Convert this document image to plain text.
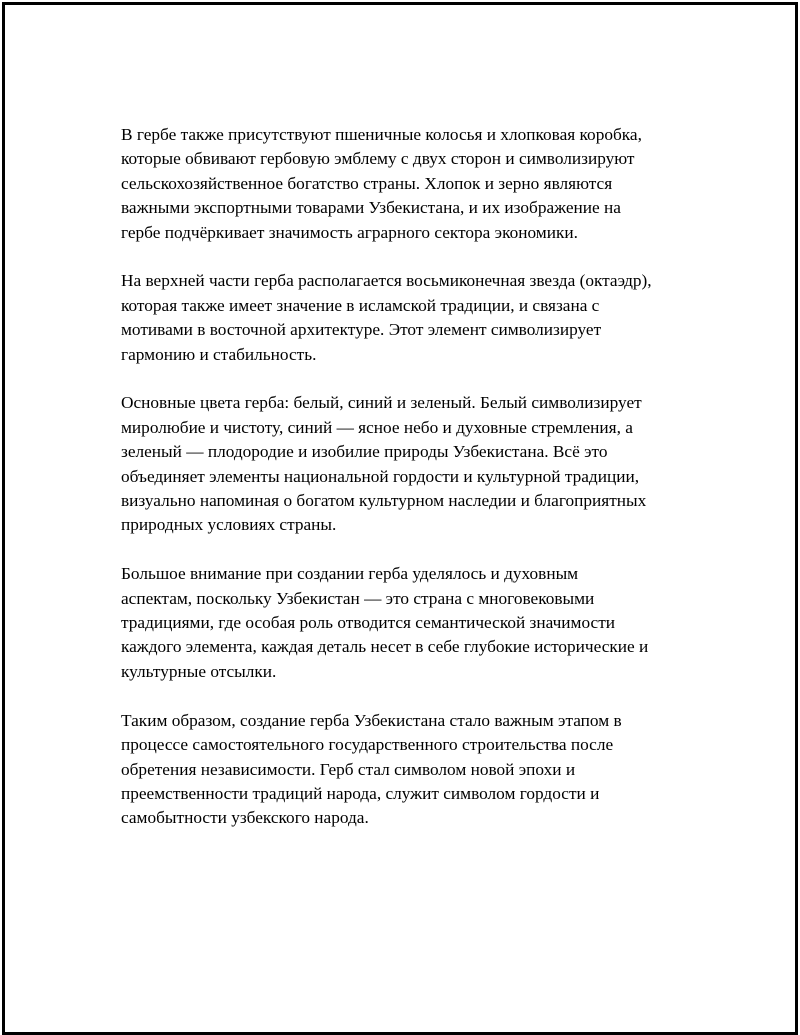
В гербе также присутствуют пшеничные колосья и хлопковая коробка,
которые обвивают гербовую эмблему с двух сторон и символизируют
сельскохозяйственное богатство страны. Хлопок и зерно являются
важными экспортными товарами Узбекистана, и их изображение на
гербе подчёркивает значимость аграрного сектора экономики.

На верхней части герба располагается восьмиконечная звезда (октаэдр),
которая также имеет значение в исламской традиции, и связана с
мотивами в восточной архитектуре. Этот элемент символизирует
гармонию и стабильность.

Основные цвета герба: белый, синий и зеленый. Белый символизирует
миролюбие и чистоту, синий — ясное небо и духовные стремления, а
зеленый — плодородие и изобилие природы Узбекистана. Всё это
объединяет элементы национальной гордости и культурной традиции,
визуально напоминая о богатом культурном наследии и благоприятных
природных условиях страны.

Большое внимание при создании герба уделялось и духовным
аспектам, поскольку Узбекистан — это страна с многовековыми
традициями, где особая роль отводится семантической значимости
каждого элемента, каждая деталь несет в себе глубокие исторические и
культурные отсылки.

Таким образом, создание герба Узбекистана стало важным этапом в
процессе самостоятельного государственного строительства после
обретения независимости. Герб стал символом новой эпохи и
преемственности традиций народа, служит символом гордости и
самобытности узбекского народа.
